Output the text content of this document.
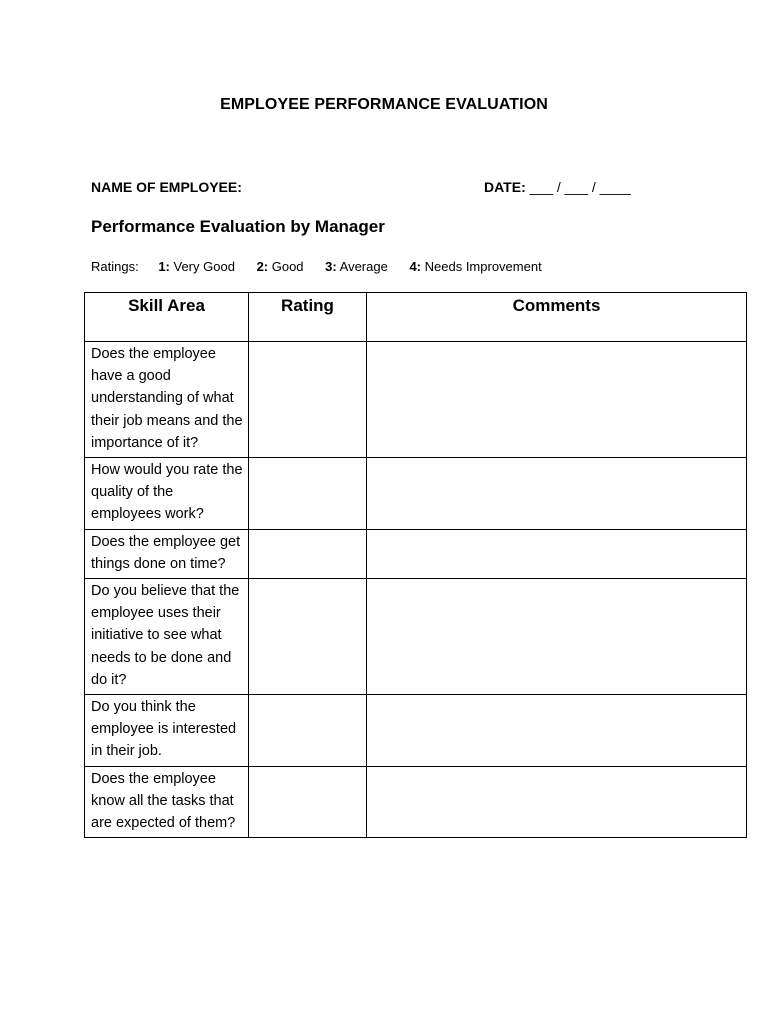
EMPLOYEE PERFORMANCE EVALUATION
NAME OF EMPLOYEE:	DATE: ___ / ___ / ____
Performance Evaluation by Manager
Ratings: 1: Very Good 2: Good 3: Average 4: Needs Improvement
Skill Area	Rating	Comments
Does the employee have a good understanding of what their job means and the importance of it?		
How would you rate the quality of the employees work?		
Does the employee get things done on time?		
Do you believe that the employee uses their initiative to see what needs to be done and do it?		
Do you think the employee is interested in their job.		
Does the employee know all the tasks that are expected of them?		
